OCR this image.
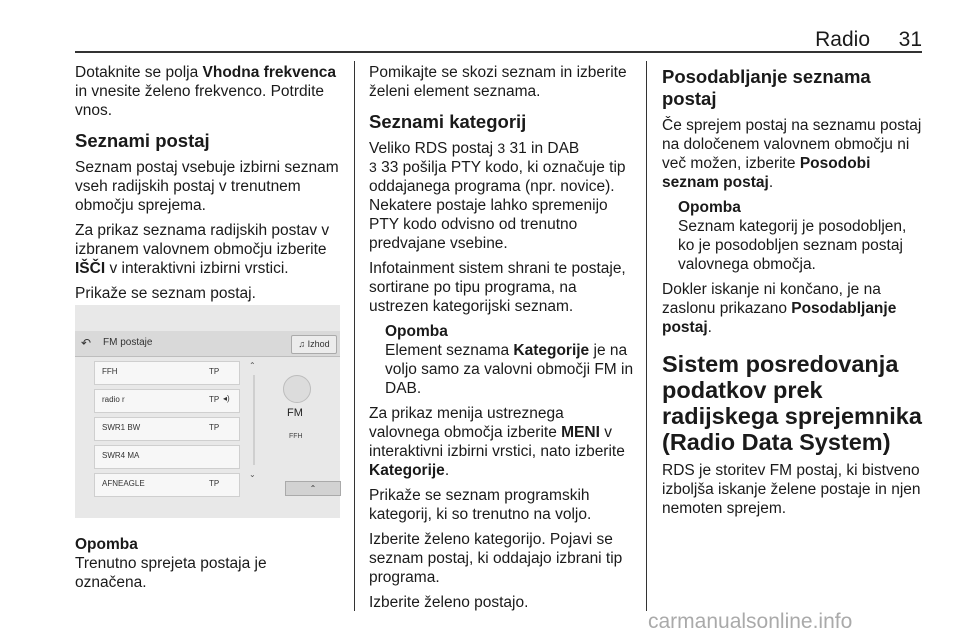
Radio 31

Dotaknite se polja Vhodna frekvenca in vnesite želeno frekvenco. Potrdite vnos.

Seznami postaj

Seznam postaj vsebuje izbirni seznam vseh radijskih postaj v trenutnem območju sprejema.

Za prikaz seznama radijskih postav v izbranem valovnem območju izberite IŠČI v interaktivni izbirni vrstici.

Prikaže se seznam postaj.

↶	FM postaje	♫ Izhod
FFH	TP
radio r	TP ◂)
SWR1 BW	TP
SWR4 MA
AFNEAGLE	TP
⌃
⌄
FM
FFH
⌃
Opomba

Trenutno sprejeta postaja je označena.

Pomikajte se skozi seznam in izberite želeni element seznama.

Seznami kategorij

Veliko RDS postaj 3 31 in DAB
3 33 pošilja PTY kodo, ki označuje tip oddajanega programa (npr. novice). Nekatere postaje lahko spremenijo PTY kodo odvisno od trenutno predvajane vsebine.

Infotainment sistem shrani te postaje, sortirane po tipu programa, na ustrezen kategorijski seznam.

Opomba

Element seznama Kategorije je na voljo samo za valovni območji FM in DAB.

Za prikaz menija ustreznega valovnega območja izberite MENI v interaktivni izbirni vrstici, nato izberite Kategorije.

Prikaže se seznam programskih kategorij, ki so trenutno na voljo.

Izberite želeno kategorijo. Pojavi se seznam postaj, ki oddajajo izbrani tip programa.

Izberite želeno postajo.

Posodabljanje seznama postaj

Če sprejem postaj na seznamu postaj na določenem valovnem območju ni več možen, izberite Posodobi seznam postaj.

Opomba

Seznam kategorij je posodobljen, ko je posodobljen seznam postaj valovnega območja.

Dokler iskanje ni končano, je na zaslonu prikazano Posodabljanje postaj.

Sistem posredovanja podatkov prek radijskega sprejemnika (Radio Data System)

RDS je storitev FM postaj, ki bistveno izboljša iskanje želene postaje in njen nemoten sprejem.

carmanualsonline.info
